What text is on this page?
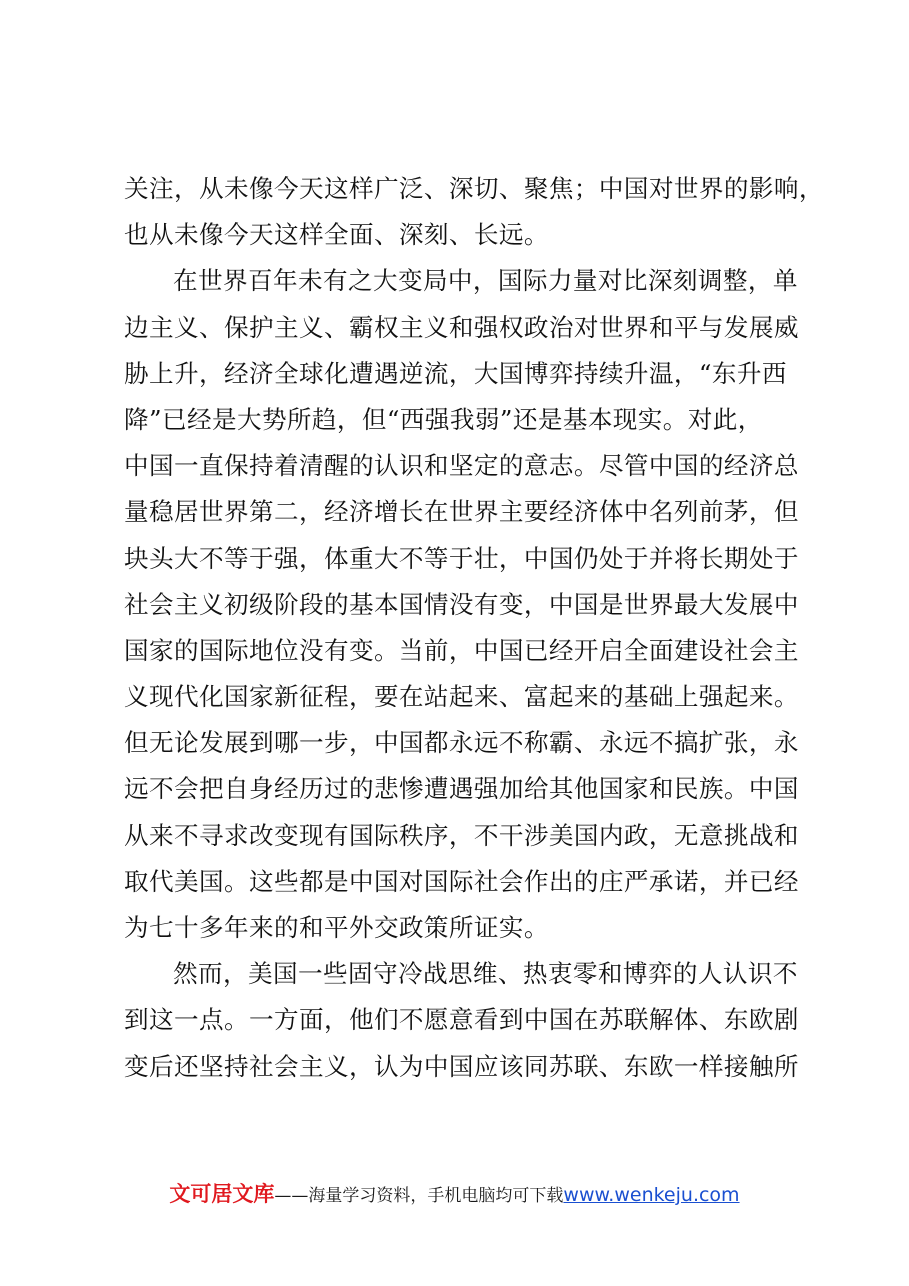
关注，从未像今天这样广泛、深切、聚焦；中国对世界的影响，
也从未像今天这样全面、深刻、长远。

在世界百年未有之大变局中，国际力量对比深刻调整，单
边主义、保护主义、霸权主义和强权政治对世界和平与发展威
胁上升，经济全球化遭遇逆流，大国博弈持续升温，“东升西
降”已经是大势所趋，但“西强我弱”还是基本现实。对此，
中国一直保持着清醒的认识和坚定的意志。尽管中国的经济总
量稳居世界第二，经济增长在世界主要经济体中名列前茅，但
块头大不等于强，体重大不等于壮，中国仍处于并将长期处于
社会主义初级阶段的基本国情没有变，中国是世界最大发展中
国家的国际地位没有变。当前，中国已经开启全面建设社会主
义现代化国家新征程，要在站起来、富起来的基础上强起来。
但无论发展到哪一步，中国都永远不称霸、永远不搞扩张，永
远不会把自身经历过的悲惨遭遇强加给其他国家和民族。中国
从来不寻求改变现有国际秩序，不干涉美国内政，无意挑战和
取代美国。这些都是中国对国际社会作出的庄严承诺，并已经
为七十多年来的和平外交政策所证实。

然而，美国一些固守冷战思维、热衷零和博弈的人认识不
到这一点。一方面，他们不愿意看到中国在苏联解体、东欧剧
变后还坚持社会主义，认为中国应该同苏联、东欧一样接触所

文可居文库——海量学习资料，手机电脑均可下载www.wenkeju.com
